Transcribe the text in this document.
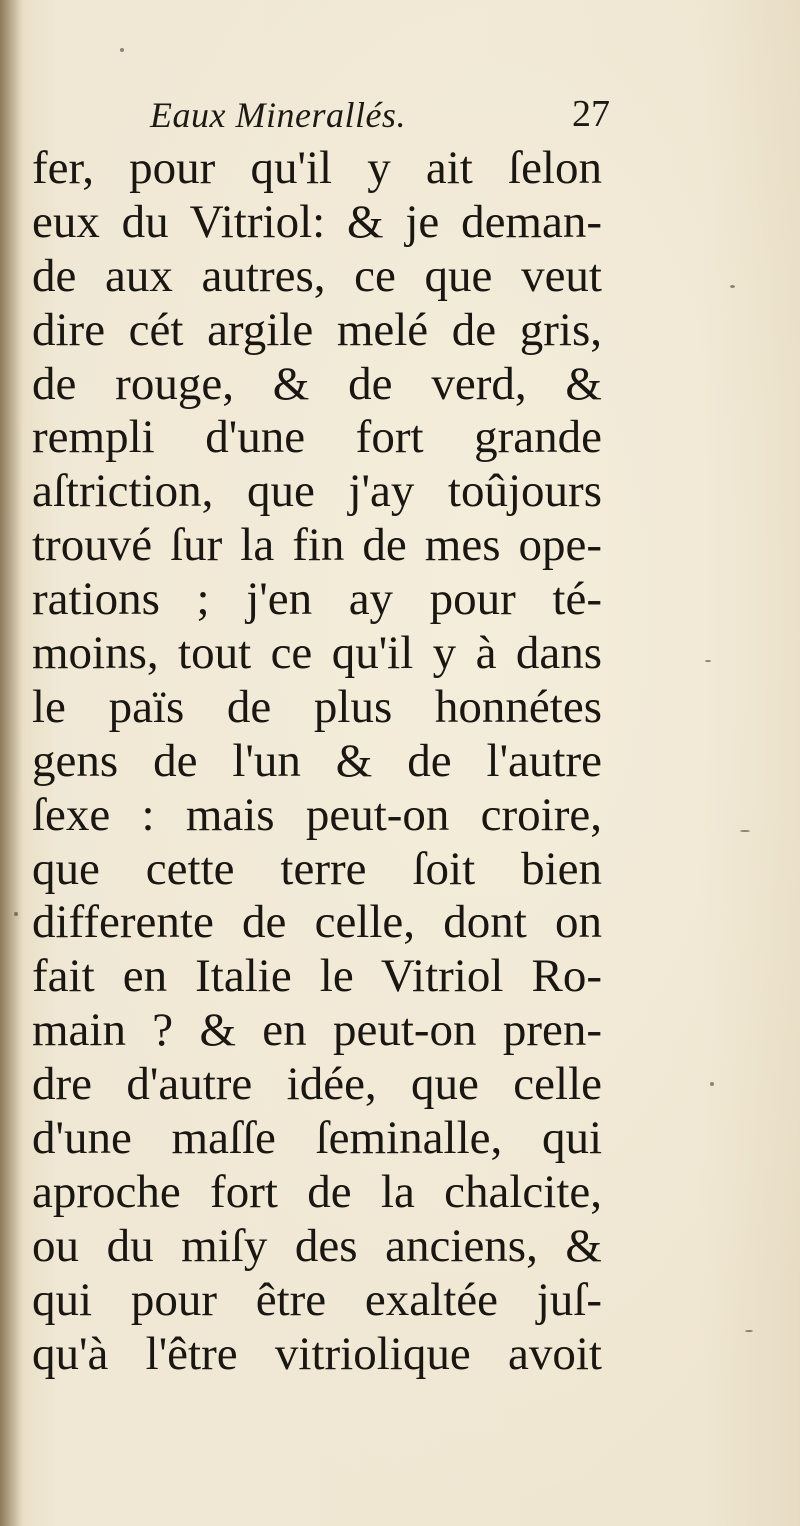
Eaux Minerallés.	27
fer, pour qu'il y ait ſelon
eux du Vitriol: & je deman-
de aux autres, ce que veut
dire cét argile melé de gris,
de rouge, & de verd, &
rempli d'une fort grande
aſtriction, que j'ay toûjours
trouvé ſur la fin de mes ope-
rations ; j'en ay pour té-
moins, tout ce qu'il y à dans
le païs de plus honnétes
gens de l'un & de l'autre
ſexe : mais peut-on croire,
que cette terre ſoit bien
differente de celle, dont on
fait en Italie le Vitriol Ro-
main ? & en peut-on pren-
dre d'autre idée, que celle
d'une maſſe ſeminalle, qui
aproche fort de la chalcite,
ou du miſy des anciens, &
qui pour être exaltée juſ-
qu'à l'être vitriolique avoit
